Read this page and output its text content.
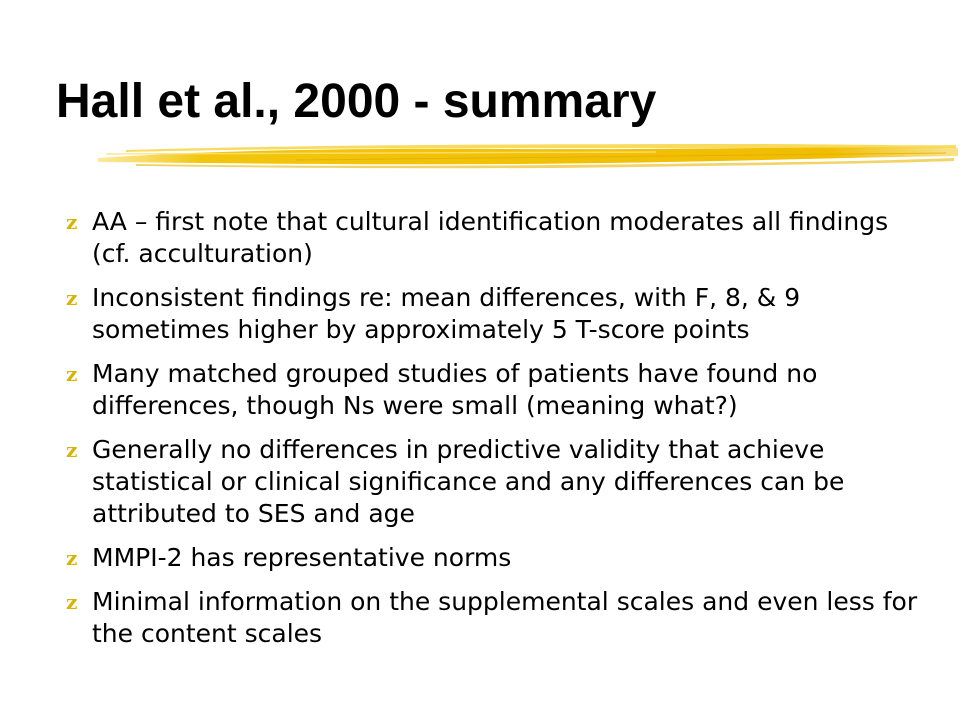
Hall et al., 2000 - summary
z AA – first note that cultural identification moderates all findings (cf. acculturation)
z Inconsistent findings re: mean differences, with F, 8, & 9 sometimes higher by approximately 5 T-score points
z Many matched grouped studies of patients have found no differences, though Ns were small (meaning what?)
z Generally no differences in predictive validity that achieve statistical or clinical significance and any differences can be attributed to SES and age
z MMPI-2 has representative norms
z Minimal information on the supplemental scales and even less for the content scales
